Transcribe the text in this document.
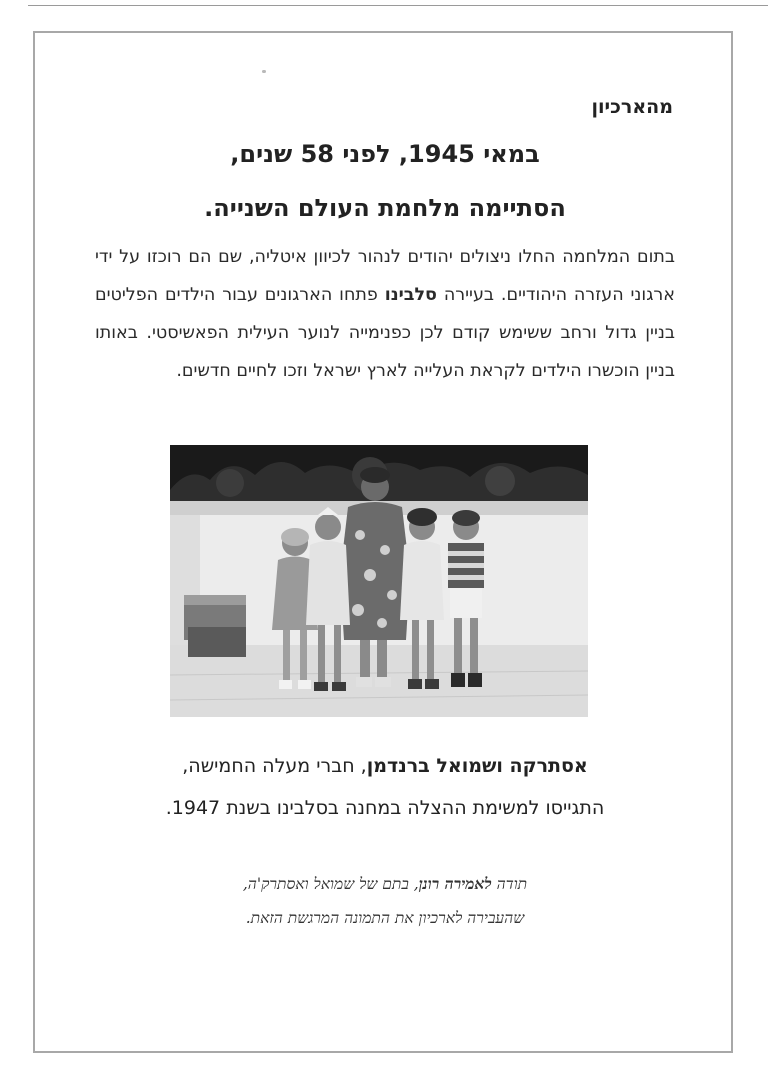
מהארכיון
במאי 1945, לפני 58 שנים,
הסתיימה מלחמת העולם השנייה.
בתום המלחמה החלו ניצולים יהודים לנהור לכיוון איטליה, שם הם רוכזו על ידי ארגוני העזרה היהודיים. בעיירה סלבינו פתחו הארגונים עבור הילדים הפליטים בניין גדול ורחב ששימש קודם לכן כפנימייה לנוער העילית הפאשיסטי. באותו בניין הוכשרו הילדים לקראת העלייה לארץ ישראל וזכו לחיים חדשים.
אסתרקה ושמואל ברנדמן, חברי מעלה החמישה,
התגייסו למשימת ההצלה במחנה בסלבינו בשנת 1947.
תודה לאמירה רונן, בתם של שמואל ואסתרק'ה,
שהעבירה לארכיון את התמונה המרגשת הזאת.
